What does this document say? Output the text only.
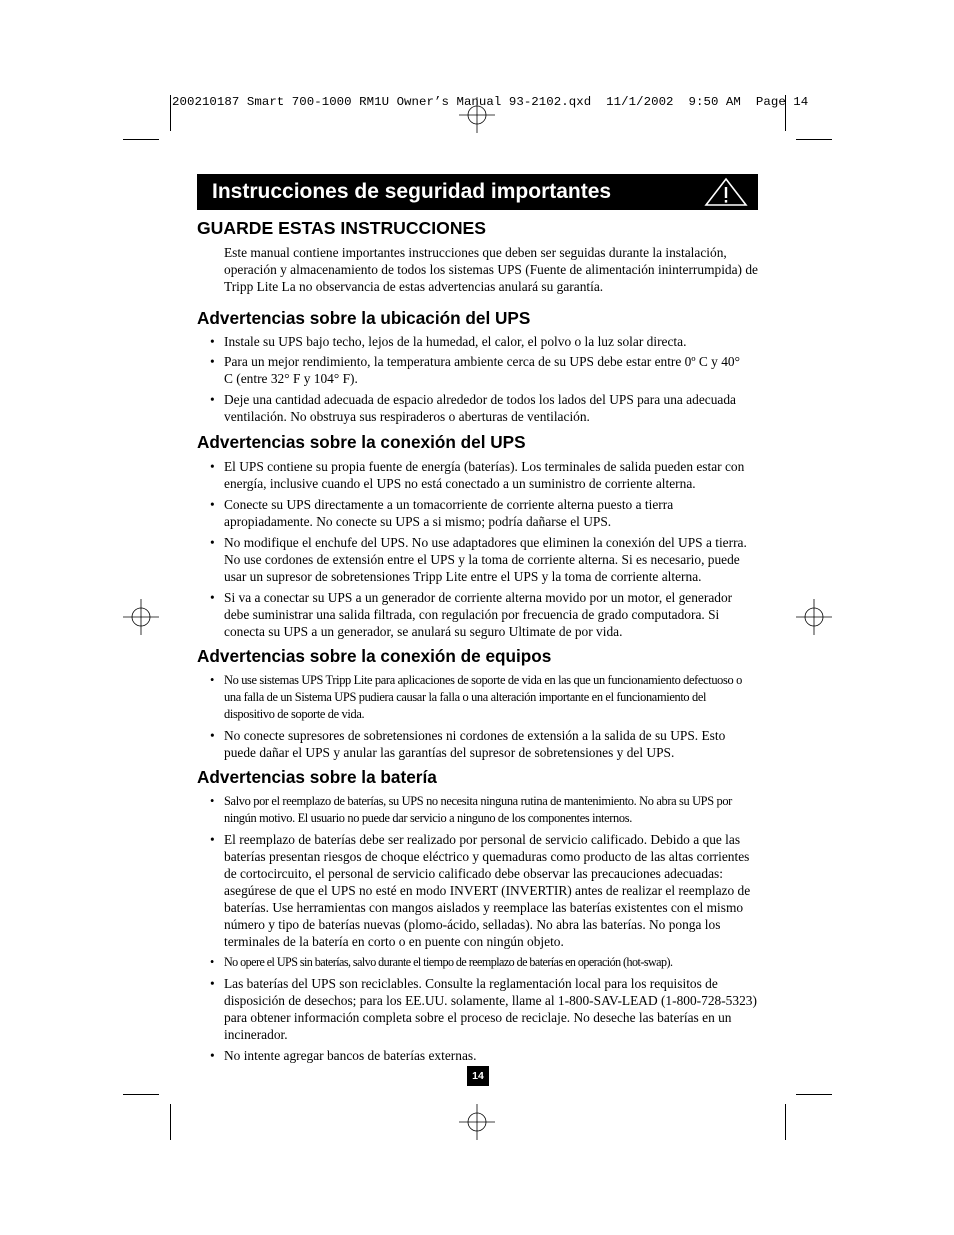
200210187 Smart 700-1000 RM1U Owner’s Manual 93-2102.qxd  11/1/2002  9:50 AM  Page 14
Instrucciones de seguridad importantes
GUARDE ESTAS INSTRUCCIONES

Este manual contiene importantes instrucciones que deben ser seguidas durante la instalación, operación y almacenamiento de todos los sistemas UPS (Fuente de alimentación ininterrumpida) de Tripp Lite La no observancia de estas advertencias anulará su garantía.

Advertencias sobre la ubicación del UPS
• Instale su UPS bajo techo, lejos de la humedad, el calor, el polvo o la luz solar directa.
• Para un mejor rendimiento, la temperatura ambiente cerca de su UPS debe estar entre 0º C y 40° C (entre 32° F y 104° F).
• Deje una cantidad adecuada de espacio alrededor de todos los lados del UPS para una adecuada ventilación. No obstruya sus respiraderos o aberturas de ventilación.
Advertencias sobre la conexión del UPS
• El UPS contiene su propia fuente de energía (baterías). Los terminales de salida pueden estar con energía, inclusive cuando el UPS no está conectado a un suministro de corriente alterna.
• Conecte su UPS directamente a un tomacorriente de corriente alterna puesto a tierra apropiadamente. No conecte su UPS a si mismo; podría dañarse el UPS.
• No modifique el enchufe del UPS. No use adaptadores que eliminen la conexión del UPS a tierra. No use cordones de extensión entre el UPS y la toma de corriente alterna. Si es necesario, puede usar un supresor de sobretensiones Tripp Lite entre el UPS y la toma de corriente alterna.
• Si va a conectar su UPS a un generador de corriente alterna movido por un motor, el generador debe suministrar una salida filtrada, con regulación por frecuencia de grado computadora. Si conecta su UPS a un generador, se anulará su seguro Ultimate de por vida.
Advertencias sobre la conexión de equipos
• No use sistemas UPS Tripp Lite para aplicaciones de soporte de vida en las que un funcionamiento defectuoso o una falla de un Sistema UPS pudiera causar la falla o una alteración importante en el funcionamiento del dispositivo de soporte de vida.
• No conecte supresores de sobretensiones ni cordones de extensión a la salida de su UPS. Esto puede dañar el UPS y anular las garantías del supresor de sobretensiones y del UPS.
Advertencias sobre la batería
• Salvo por el reemplazo de baterías, su UPS no necesita ninguna rutina de mantenimiento. No abra su UPS por ningún motivo. El usuario no puede dar servicio a ninguno de los componentes internos.
• El reemplazo de baterías debe ser realizado por personal de servicio calificado. Debido a que las baterías presentan riesgos de choque eléctrico y quemaduras como producto de las altas corrientes de cortocircuito, el personal de servicio calificado debe observar las precauciones adecuadas: asegúrese de que el UPS no esté en modo INVERT (INVERTIR) antes de realizar el reemplazo de baterías. Use herramientas con mangos aislados y reemplace las baterías existentes con el mismo número y tipo de baterías nuevas (plomo-ácido, selladas). No abra las baterías. No ponga los terminales de la batería en corto o en puente con ningún objeto.
• No opere el UPS sin baterías, salvo durante el tiempo de reemplazo de baterías en operación (hot-swap).
• Las baterías del UPS son reciclables. Consulte la reglamentación local para los requisitos de disposición de desechos; para los EE.UU. solamente, llame al 1-800-SAV-LEAD (1-800-728-5323) para obtener información completa sobre el proceso de reciclaje. No deseche las baterías en un incinerador.
• No intente agregar bancos de baterías externas.
14
